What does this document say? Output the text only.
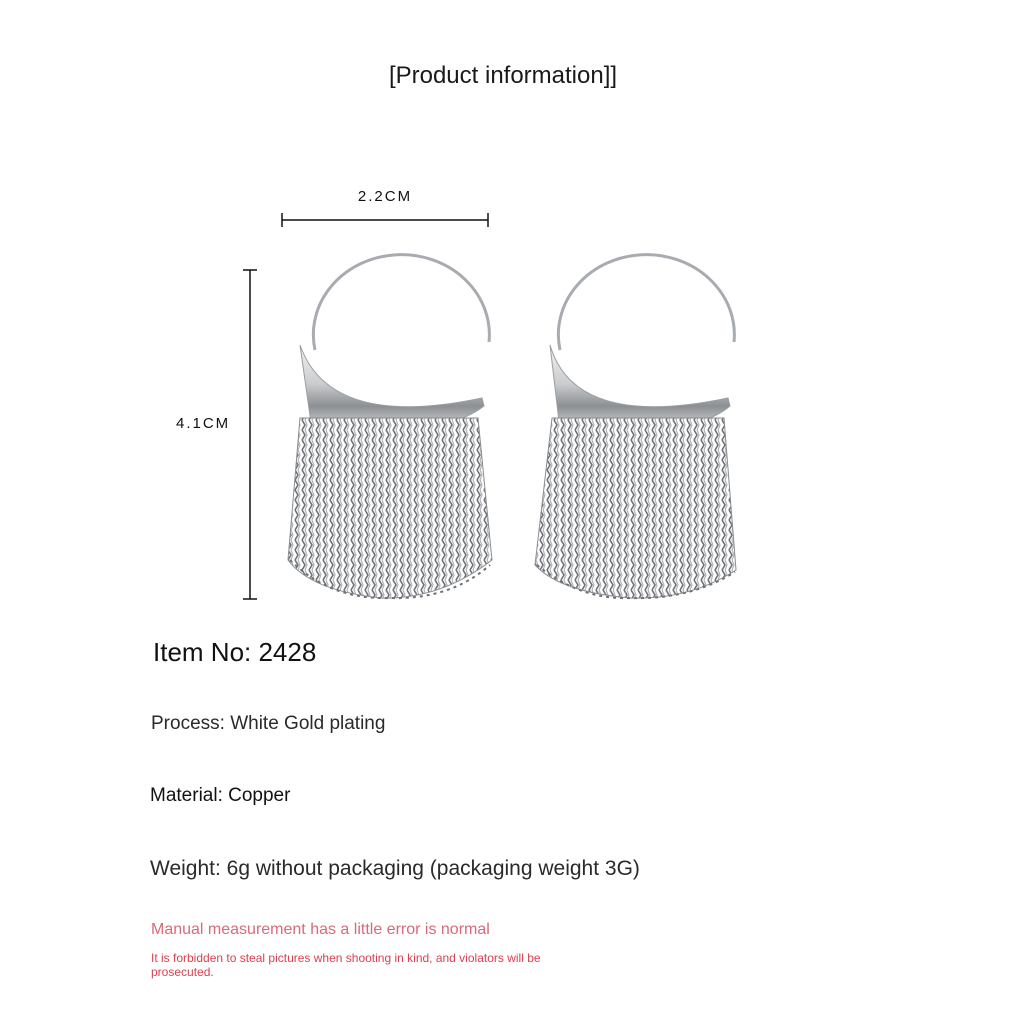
[Product information]]
2.2CM
4.1CM
Item No: 2428
Process: White Gold plating
Material: Copper
Weight: 6g without packaging (packaging weight 3G)
Manual measurement has a little error is normal
It is forbidden to steal pictures when shooting in kind, and violators will be prosecuted.
